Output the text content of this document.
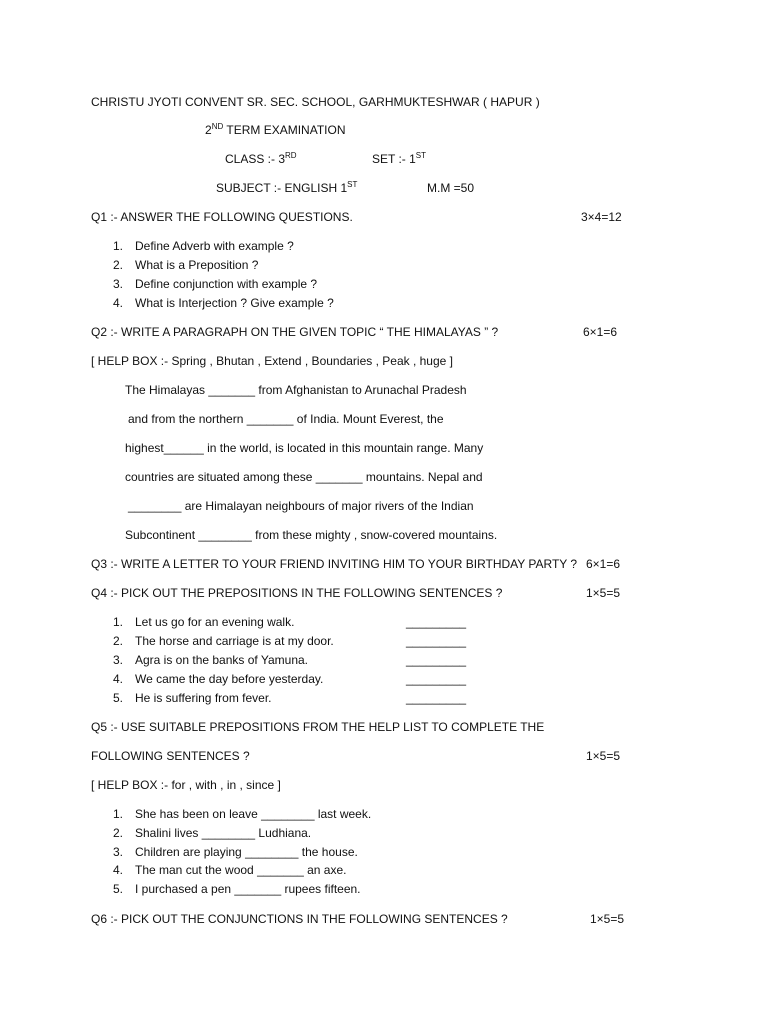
CHRISTU JYOTI CONVENT SR. SEC. SCHOOL, GARHMUKTESHWAR ( HAPUR )
2ND TERM EXAMINATION
CLASS :- 3RD	SET :- 1ST
SUBJECT :- ENGLISH 1ST	M.M =50
Q1 :- ANSWER THE FOLLOWING QUESTIONS.	3×4=12
1. Define Adverb with example ?
2. What is a Preposition ?
3. Define conjunction with example ?
4. What is Interjection ? Give example ?
Q2 :- WRITE A PARAGRAPH ON THE GIVEN TOPIC “ THE HIMALAYAS ” ?	6×1=6
[ HELP BOX :- Spring , Bhutan , Extend , Boundaries , Peak , huge ]
The Himalayas _______ from Afghanistan to Arunachal Pradesh
and from the northern _______ of India. Mount Everest, the
highest______ in the world, is located in this mountain range. Many
countries are situated among these _______ mountains. Nepal and
________ are Himalayan neighbours of major rivers of the Indian
Subcontinent ________ from these mighty , snow-covered mountains.
Q3 :- WRITE A LETTER TO YOUR FRIEND INVITING HIM TO YOUR BIRTHDAY PARTY ? 6×1=6
Q4 :- PICK OUT THE PREPOSITIONS IN THE FOLLOWING SENTENCES ?	1×5=5
1. Let us go for an evening walk.	_________
2. The horse and carriage is at my door.	_________
3. Agra is on the banks of Yamuna.	_________
4. We came the day before yesterday.	_________
5. He is suffering from fever.	_________
Q5 :- USE SUITABLE PREPOSITIONS FROM THE HELP LIST TO COMPLETE THE
FOLLOWING SENTENCES ?	1×5=5
[ HELP BOX :- for , with , in , since ]
1. She has been on leave ________ last week.
2. Shalini lives ________ Ludhiana.
3. Children are playing ________ the house.
4. The man cut the wood _______ an axe.
5. I purchased a pen _______ rupees fifteen.
Q6 :- PICK OUT THE CONJUNCTIONS IN THE FOLLOWING SENTENCES ?	1×5=5
